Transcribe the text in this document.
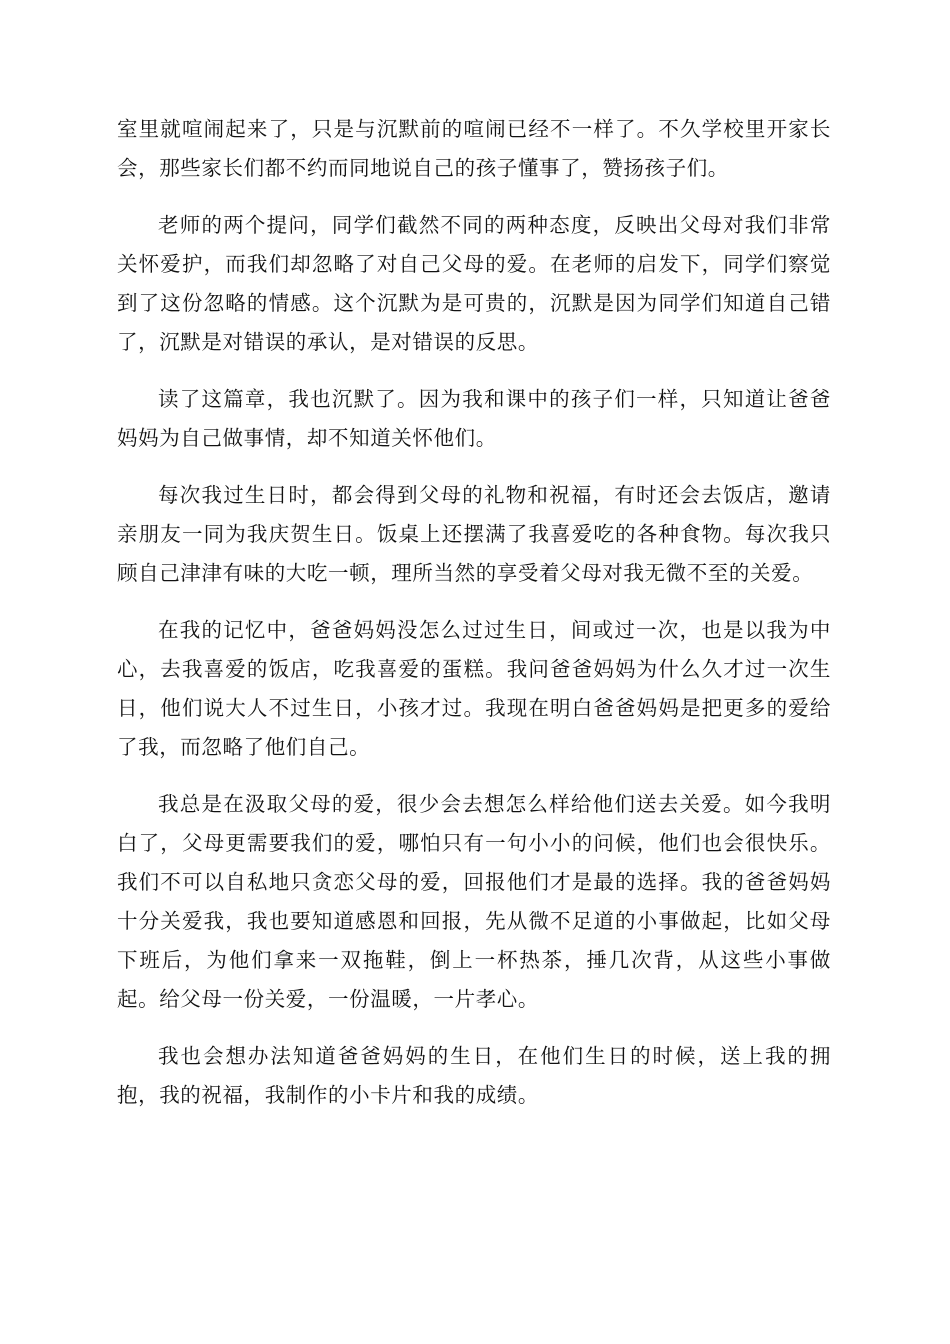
室里就喧闹起来了，只是与沉默前的喧闹已经不一样了。不久学校里开家长会，那些家长们都不约而同地说自己的孩子懂事了，赞扬孩子们。

老师的两个提问，同学们截然不同的两种态度，反映出父母对我们非常关怀爱护，而我们却忽略了对自己父母的爱。在老师的启发下，同学们察觉到了这份忽略的情感。这个沉默为是可贵的，沉默是因为同学们知道自己错了，沉默是对错误的承认，是对错误的反思。

读了这篇章，我也沉默了。因为我和课中的孩子们一样，只知道让爸爸妈妈为自己做事情，却不知道关怀他们。

每次我过生日时，都会得到父母的礼物和祝福，有时还会去饭店，邀请亲朋友一同为我庆贺生日。饭桌上还摆满了我喜爱吃的各种食物。每次我只顾自己津津有味的大吃一顿，理所当然的享受着父母对我无微不至的关爱。

在我的记忆中，爸爸妈妈没怎么过过生日，间或过一次，也是以我为中心，去我喜爱的饭店，吃我喜爱的蛋糕。我问爸爸妈妈为什么久才过一次生日，他们说大人不过生日，小孩才过。我现在明白爸爸妈妈是把更多的爱给了我，而忽略了他们自己。

我总是在汲取父母的爱，很少会去想怎么样给他们送去关爱。如今我明白了，父母更需要我们的爱，哪怕只有一句小小的问候，他们也会很快乐。我们不可以自私地只贪恋父母的爱，回报他们才是最的选择。我的爸爸妈妈十分关爱我，我也要知道感恩和回报，先从微不足道的小事做起，比如父母下班后，为他们拿来一双拖鞋，倒上一杯热茶，捶几次背，从这些小事做起。给父母一份关爱，一份温暖，一片孝心。

我也会想办法知道爸爸妈妈的生日，在他们生日的时候，送上我的拥抱，我的祝福，我制作的小卡片和我的成绩。
